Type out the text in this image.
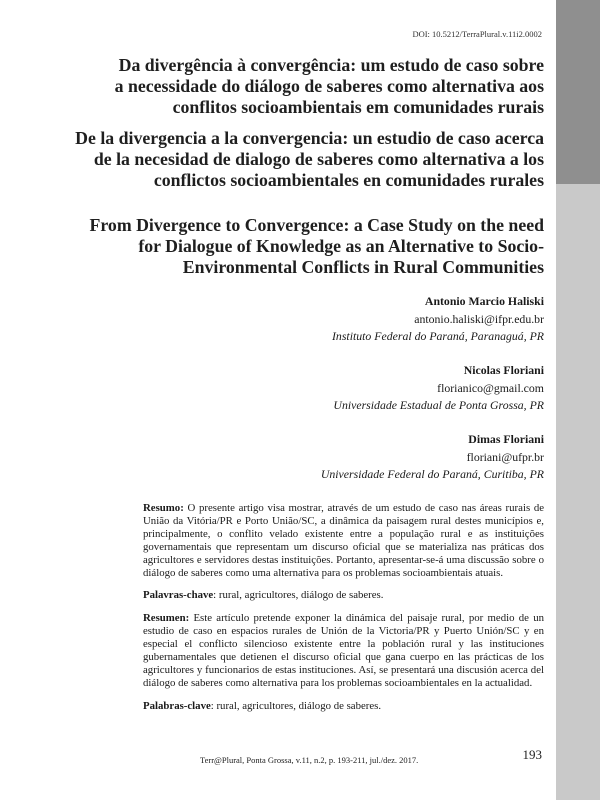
DOI: 10.5212/TerraPlural.v.11i2.0002

Da divergência à convergência: um estudo de caso sobre

a necessidade do diálogo de saberes como alternativa aos

conflitos socioambientais em comunidades rurais

De la divergencia a la convergencia: un estudio de caso acerca

de la necesidad de dialogo de saberes como alternativa a los

conflictos socioambientales en comunidades rurales

From Divergence to Convergence: a Case Study on the need

for Dialogue of Knowledge as an Alternative to Socio-

Environmental Conflicts in Rural Communities

Antonio Marcio Haliski
antonio.haliski@ifpr.edu.br
Instituto Federal do Paraná, Paranaguá, PR
Nicolas Floriani
florianico@gmail.com
Universidade Estadual de Ponta Grossa, PR
Dimas Floriani
floriani@ufpr.br
Universidade Federal do Paraná, Curitiba, PR

Resumo: O presente artigo visa mostrar, através de um estudo de caso nas áreas rurais de União da Vitória/PR e Porto União/SC, a dinâmica da paisagem rural destes municípios e, principalmente, o conflito velado existente entre a população rural e as instituições governamentais que representam um discurso oficial que se materializa nas práticas dos agricultores e servidores destas instituições. Portanto, apresentar-se-á uma discussão sobre o diálogo de saberes como uma alternativa para os problemas socioambientais atuais.

Palavras-chave: rural, agricultores, diálogo de saberes.

Resumen: Este artículo pretende exponer la dinámica del paisaje rural, por medio de un estudio de caso en espacios rurales de Unión de la Victoria/PR y Puerto Unión/SC y en especial el conflicto silencioso existente entre la población rural y las instituciones gubernamentales que detienen el discurso oficial que gana cuerpo en las prácticas de los agricultores y funcionarios de estas instituciones. Así, se presentará una discusión acerca del diálogo de saberes como alternativa para los problemas socioambientales en la actualidad.

Palabras-clave: rural, agricultores, diálogo de saberes.

Terr@Plural, Ponta Grossa, v.11, n.2, p. 193-211, jul./dez. 2017.	193
